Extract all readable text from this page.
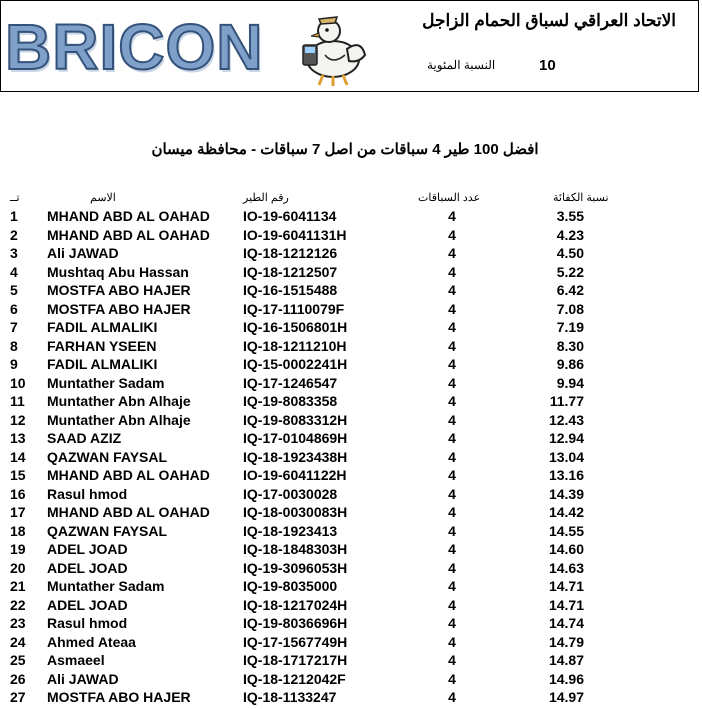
BRICON	الاتحاد العراقي لسباق الحمام الزاجل
النسبة المئوية	10
افضل 100 طير 4 سباقات من اصل 7 سباقات - محافظة ميسان
تــ	الاسم	رقم الطير	عدد السباقات	نسبة الكفائة
1 MHAND ABD AL OAHAD IO-19-6041134	4	3.55
2 MHAND ABD AL OAHAD IO-19-6041131H	4	4.23
3 Ali JAWAD	IQ-18-1212126	4	4.50
4 Mushtaq Abu Hassan	IQ-18-1212507	4	5.22
5 MOSTFA ABO HAJER	IQ-16-1515488	4	6.42
6 MOSTFA ABO HAJER	IQ-17-1110079F	4	7.08
7 FADIL ALMALIKI	IQ-16-1506801H	4	7.19
8 FARHAN YSEEN	IQ-18-1211210H	4	8.30
9 FADIL ALMALIKI	IQ-15-0002241H	4	9.86
10 Muntather Sadam	IQ-17-1246547	4	9.94
11 Muntather Abn Alhaje	IQ-19-8083358	4	11.77
12 Muntather Abn Alhaje	IQ-19-8083312H	4	12.43
13 SAAD AZIZ	IQ-17-0104869H	4	12.94
14 QAZWAN FAYSAL	IQ-18-1923438H	4	13.04
15 MHAND ABD AL OAHAD IO-19-6041122H	4	13.16
16 Rasul hmod	IQ-17-0030028	4	14.39
17 MHAND ABD AL OAHAD IQ-18-0030083H	4	14.42
18 QAZWAN FAYSAL	IQ-18-1923413	4	14.55
19 ADEL JOAD	IQ-18-1848303H	4	14.60
20 ADEL JOAD	IQ-19-3096053H	4	14.63
21 Muntather Sadam	IQ-19-8035000	4	14.71
22 ADEL JOAD	IQ-18-1217024H	4	14.71
23 Rasul hmod	IQ-19-8036696H	4	14.74
24 Ahmed Ateaa	IQ-17-1567749H	4	14.79
25 Asmaeel	IQ-18-1717217H	4	14.87
26 Ali JAWAD	IQ-18-1212042F	4	14.96
27 MOSTFA ABO HAJER	IQ-18-1133247	4	14.97
